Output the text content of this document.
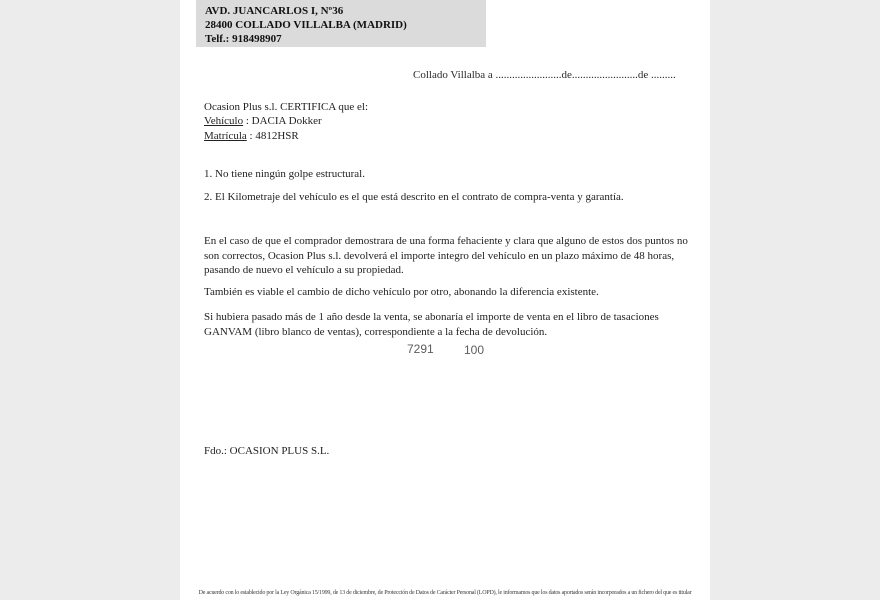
AVD. JUANCARLOS I, Nº36
28400 COLLADO VILLALBA (MADRID)
Telf.: 918498907
Collado Villalba a ........................de........................de .........
Ocasion Plus s.l. CERTIFICA que el:
Vehículo : DACIA Dokker
Matrícula : 4812HSR
1. No tiene ningún golpe estructural.
2. El Kilometraje del vehículo es el que está descrito en el contrato de compra-venta y garantía.
En el caso de que el comprador demostrara de una forma fehaciente y clara que alguno de estos dos puntos no son correctos, Ocasion Plus s.l. devolverá el importe integro del vehículo en un plazo máximo de 48 horas, pasando de nuevo el vehículo a su propiedad.
También es viable el cambio de dicho vehículo por otro, abonando la diferencia existente.
Si hubiera pasado más de 1 año desde la venta, se abonaría el importe de venta en el libro de tasaciones GANVAM (libro blanco de ventas), correspondiente a la fecha de devolución.
7291	100
Fdo.: OCASION PLUS S.L.
De acuerdo con lo establecido por la Ley Orgánica 15/1999, de 13 de diciembre, de Protección de Datos de Carácter Personal (LOPD), le informamos que los datos aportados serán incorporados a un fichero del que es titular
